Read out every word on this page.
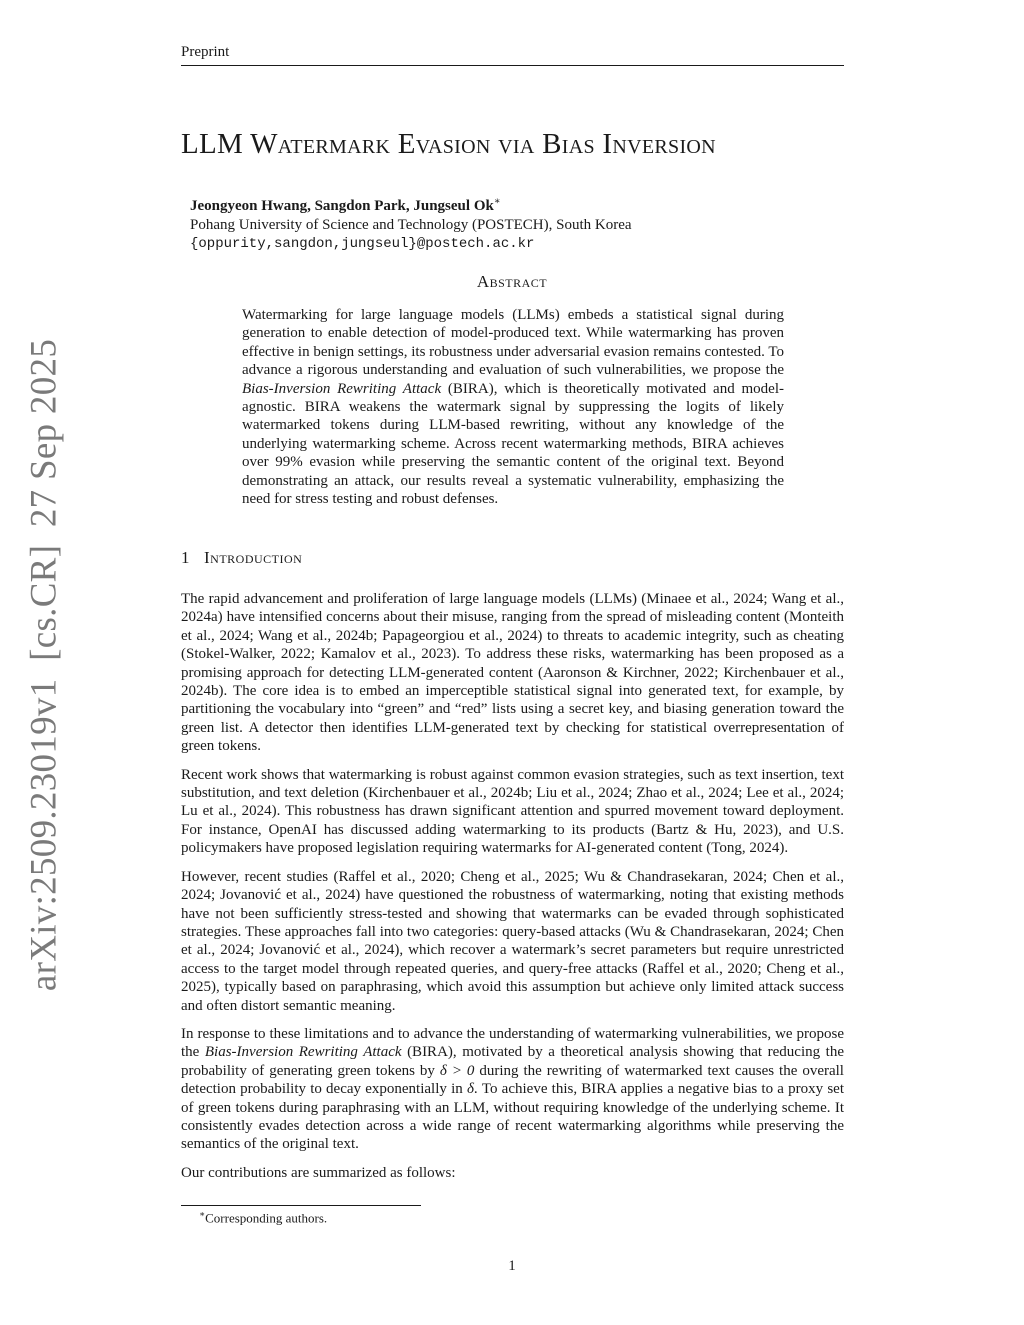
Preprint
arXiv:2509.23019v1 [cs.CR] 27 Sep 2025
LLM Watermark Evasion via Bias Inversion
Jeongyeon Hwang, Sangdon Park, Jungseul Ok∗
Pohang University of Science and Technology (POSTECH), South Korea
{oppurity,sangdon,jungseul}@postech.ac.kr
Abstract

Watermarking for large language models (LLMs) embeds a statistical signal during generation to enable detection of model-produced text. While watermarking has proven effective in benign settings, its robustness under adversarial evasion remains contested. To advance a rigorous understanding and evaluation of such vulnerabilities, we propose the Bias-Inversion Rewriting Attack (BIRA), which is theoretically motivated and model-agnostic. BIRA weakens the watermark signal by suppressing the logits of likely watermarked tokens during LLM-based rewriting, without any knowledge of the underlying watermarking scheme. Across recent watermarking methods, BIRA achieves over 99% evasion while preserving the semantic content of the original text. Beyond demonstrating an attack, our results reveal a systematic vulnerability, emphasizing the need for stress testing and robust defenses.

1 Introduction

The rapid advancement and proliferation of large language models (LLMs) (Minaee et al., 2024; Wang et al., 2024a) have intensified concerns about their misuse, ranging from the spread of misleading content (Monteith et al., 2024; Wang et al., 2024b; Papageorgiou et al., 2024) to threats to academic integrity, such as cheating (Stokel-Walker, 2022; Kamalov et al., 2023). To address these risks, watermarking has been proposed as a promising approach for detecting LLM-generated content (Aaronson & Kirchner, 2022; Kirchenbauer et al., 2024b). The core idea is to embed an imperceptible statistical signal into generated text, for example, by partitioning the vocabulary into “green” and “red” lists using a secret key, and biasing generation toward the green list. A detector then identifies LLM-generated text by checking for statistical overrepresentation of green tokens.

Recent work shows that watermarking is robust against common evasion strategies, such as text insertion, text substitution, and text deletion (Kirchenbauer et al., 2024b; Liu et al., 2024; Zhao et al., 2024; Lee et al., 2024; Lu et al., 2024). This robustness has drawn significant attention and spurred movement toward deployment. For instance, OpenAI has discussed adding watermarking to its products (Bartz & Hu, 2023), and U.S. policymakers have proposed legislation requiring watermarks for AI-generated content (Tong, 2024).

However, recent studies (Raffel et al., 2020; Cheng et al., 2025; Wu & Chandrasekaran, 2024; Chen et al., 2024; Jovanović et al., 2024) have questioned the robustness of watermarking, noting that existing methods have not been sufficiently stress-tested and showing that watermarks can be evaded through sophisticated strategies. These approaches fall into two categories: query-based attacks (Wu & Chandrasekaran, 2024; Chen et al., 2024; Jovanović et al., 2024), which recover a watermark’s secret parameters but require unrestricted access to the target model through repeated queries, and query-free attacks (Raffel et al., 2020; Cheng et al., 2025), typically based on paraphrasing, which avoid this assumption but achieve only limited attack success and often distort semantic meaning.

In response to these limitations and to advance the understanding of watermarking vulnerabilities, we propose the Bias-Inversion Rewriting Attack (BIRA), motivated by a theoretical analysis showing that reducing the probability of generating green tokens by δ > 0 during the rewriting of watermarked text causes the overall detection probability to decay exponentially in δ. To achieve this, BIRA applies a negative bias to a proxy set of green tokens during paraphrasing with an LLM, without requiring knowledge of the underlying scheme. It consistently evades detection across a wide range of recent watermarking algorithms while preserving the semantics of the original text.

Our contributions are summarized as follows:

∗Corresponding authors.
1
